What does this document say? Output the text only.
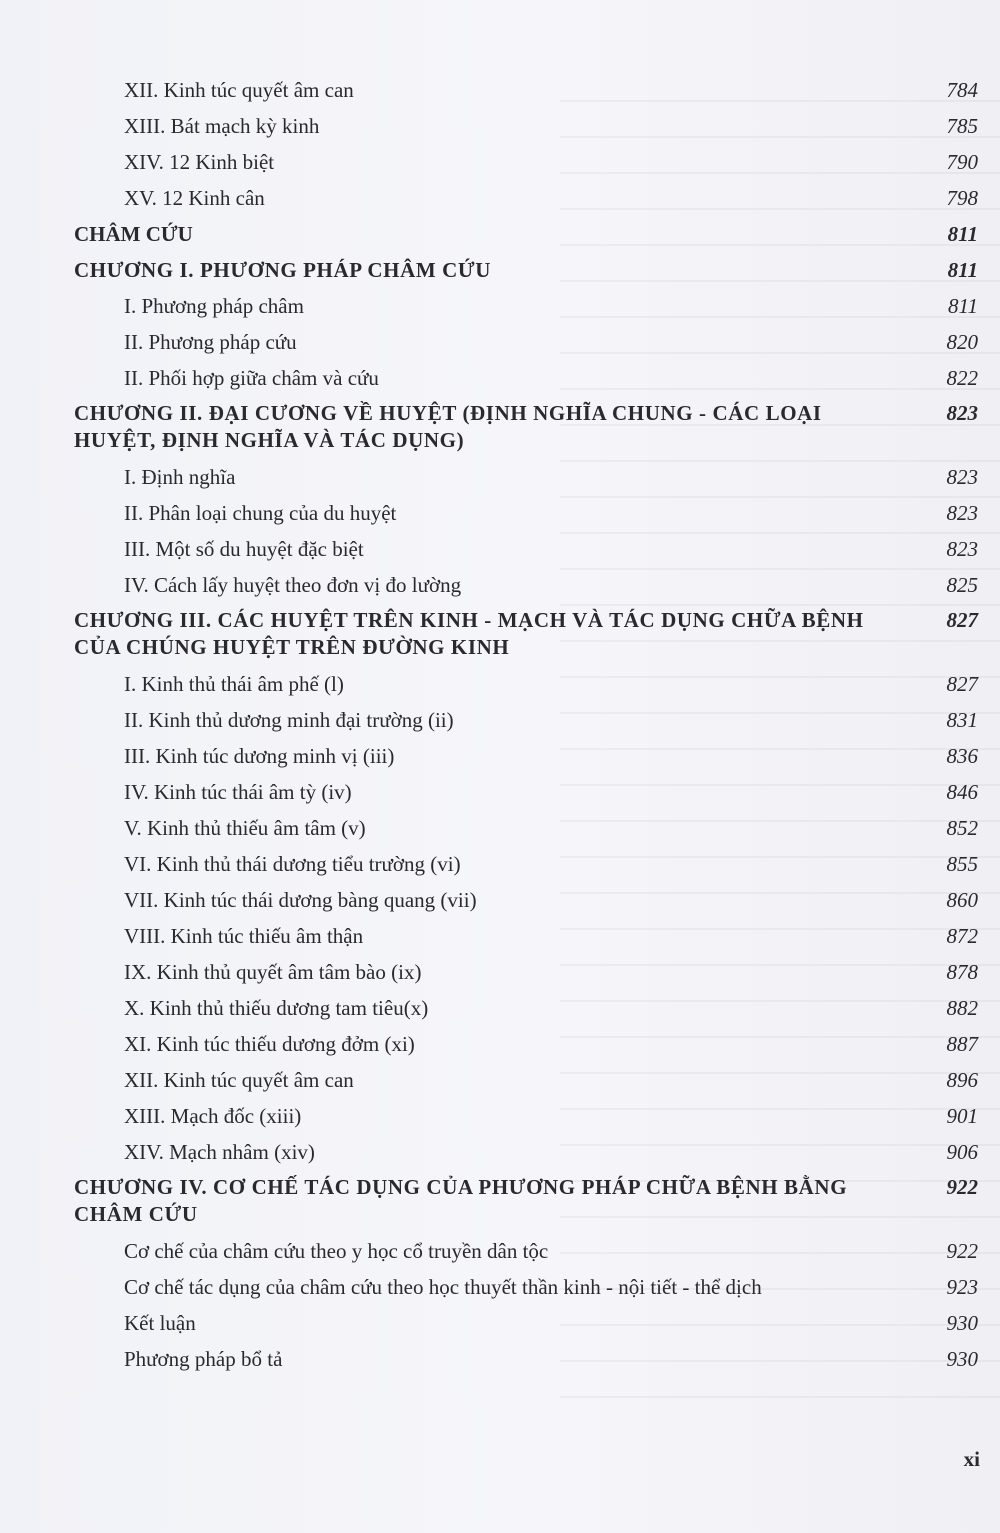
XII. Kinh túc quyết âm can	784
XIII. Bát mạch kỳ kinh	785
XIV. 12 Kinh biệt	790
XV. 12 Kinh cân	798
CHÂM CỨU	811
CHƯƠNG I. PHƯƠNG PHÁP CHÂM CỨU	811
I. Phương pháp châm	811
II. Phương pháp cứu	820
II. Phối hợp giữa châm và cứu	822
CHƯƠNG II. ĐẠI CƯƠNG VỀ HUYỆT (ĐỊNH NGHĨA CHUNG - CÁC LOẠI HUYỆT, ĐỊNH NGHĨA VÀ TÁC DỤNG)
823
I. Định nghĩa	823
II. Phân loại chung của du huyệt	823
III. Một số du huyệt đặc biệt	823
IV. Cách lấy huyệt theo đơn vị đo lường	825
CHƯƠNG III. CÁC HUYỆT TRÊN KINH - MẠCH VÀ TÁC DỤNG CHỮA BỆNH CỦA CHÚNG HUYỆT TRÊN ĐƯỜNG KINH
827
I. Kinh thủ thái âm phế (l)	827
II. Kinh thủ dương minh đại trường (ii)	831
III. Kinh túc dương minh vị (iii)	836
IV. Kinh túc thái âm tỳ (iv)	846
V. Kinh thủ thiếu âm tâm (v)	852
VI. Kinh thủ thái dương tiểu trường (vi)	855
VII. Kinh túc thái dương bàng quang (vii)	860
VIII. Kinh túc thiếu âm thận	872
IX. Kinh thủ quyết âm tâm bào (ix)	878
X. Kinh thủ thiếu dương tam tiêu(x)	882
XI. Kinh túc thiếu dương đởm (xi)	887
XII. Kinh túc quyết âm can	896
XIII. Mạch đốc (xiii)	901
XIV. Mạch nhâm (xiv)	906
CHƯƠNG IV. CƠ CHẾ TÁC DỤNG CỦA PHƯƠNG PHÁP CHỮA BỆNH BẰNG CHÂM CỨU
922
Cơ chế của châm cứu theo y học cổ truyền dân tộc	922
Cơ chế tác dụng của châm cứu theo học thuyết thần kinh - nội tiết - thể dịch	923
Kết luận	930
Phương pháp bổ tả	930
xi
